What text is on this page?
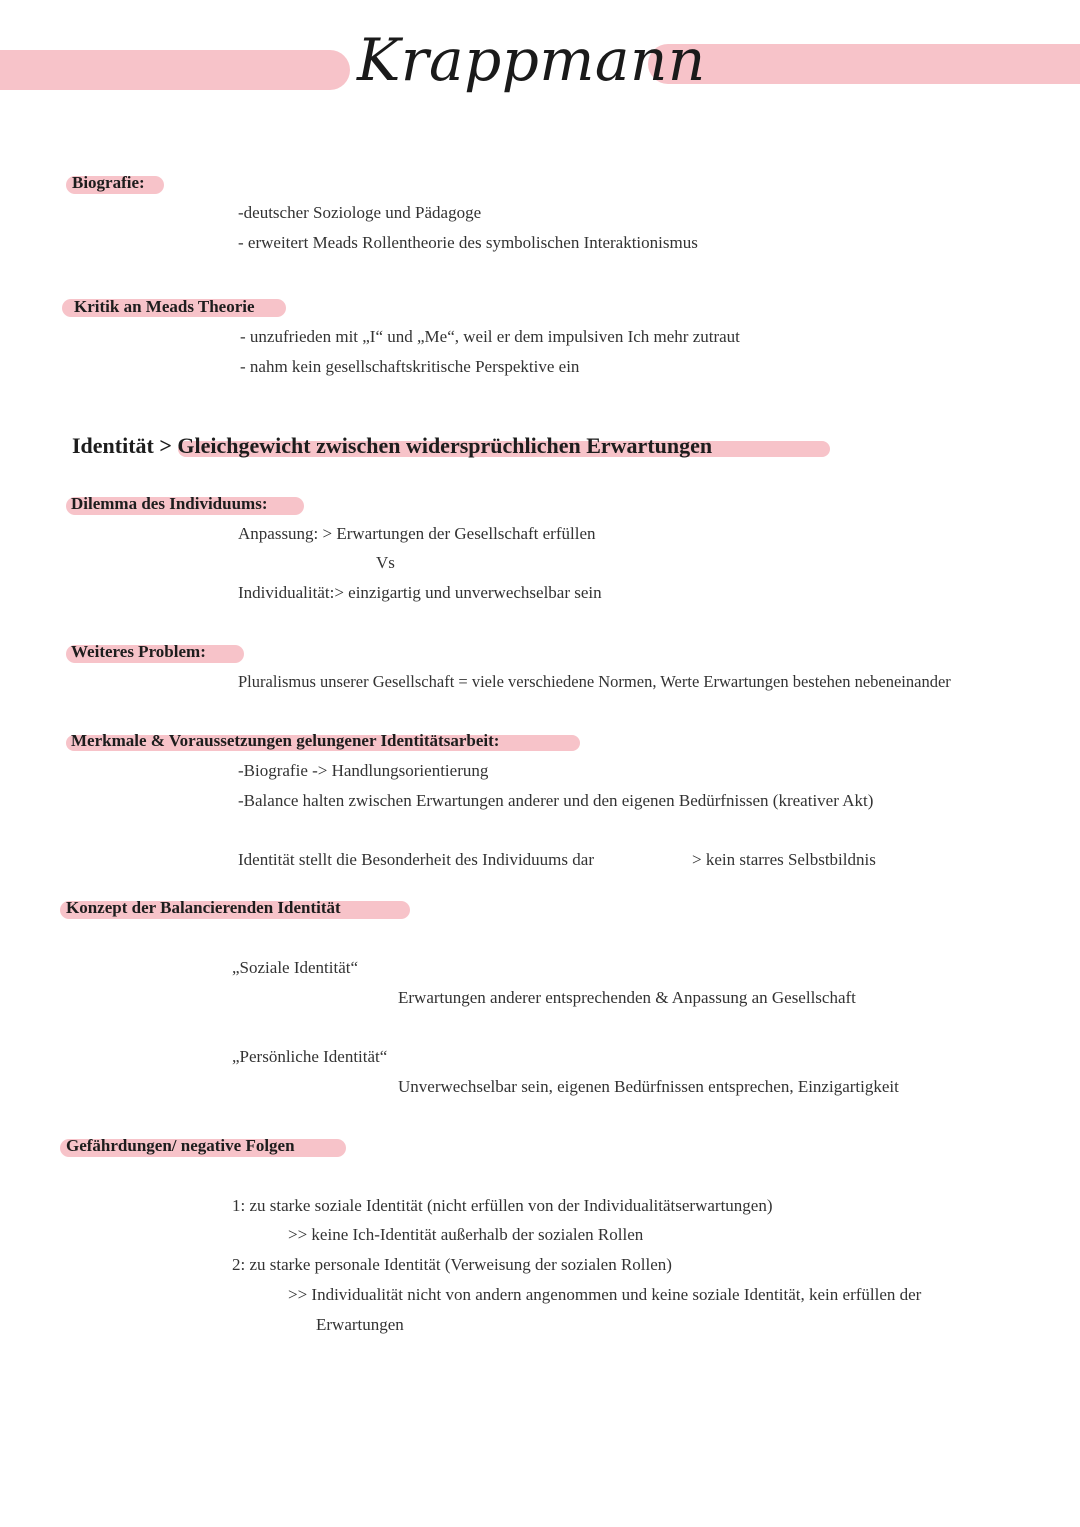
Krappmann
Biografie:
-deutscher Soziologe und Pädagoge
- erweitert Meads Rollentheorie des symbolischen Interaktionismus
Kritik an Meads Theorie
- unzufrieden mit „I“ und „Me“, weil er dem impulsiven Ich mehr zutraut
- nahm kein gesellschaftskritische Perspektive ein
Identität > Gleichgewicht zwischen widersprüchlichen Erwartungen
Dilemma des Individuums:
Anpassung: > Erwartungen der Gesellschaft erfüllen
Vs
Individualität:> einzigartig und unverwechselbar sein
Weiteres Problem:
Pluralismus unserer Gesellschaft = viele verschiedene Normen, Werte Erwartungen bestehen nebeneinander
Merkmale & Voraussetzungen gelungener Identitätsarbeit:
-Biografie -> Handlungsorientierung
-Balance halten zwischen Erwartungen anderer und den eigenen Bedürfnissen (kreativer Akt)
Identität stellt die Besonderheit des Individuums dar	> kein starres Selbstbildnis
Konzept der Balancierenden Identität
„Soziale Identität“
Erwartungen anderer entsprechenden & Anpassung an Gesellschaft
„Persönliche Identität“
Unverwechselbar sein, eigenen Bedürfnissen entsprechen, Einzigartigkeit
Gefährdungen/ negative Folgen
1: zu starke soziale Identität (nicht erfüllen von der Individualitätserwartungen)
>> keine Ich-Identität außerhalb der sozialen Rollen
2: zu starke personale Identität (Verweisung der sozialen Rollen)
>> Individualität nicht von andern angenommen und keine soziale Identität, kein erfüllen der
Erwartungen
